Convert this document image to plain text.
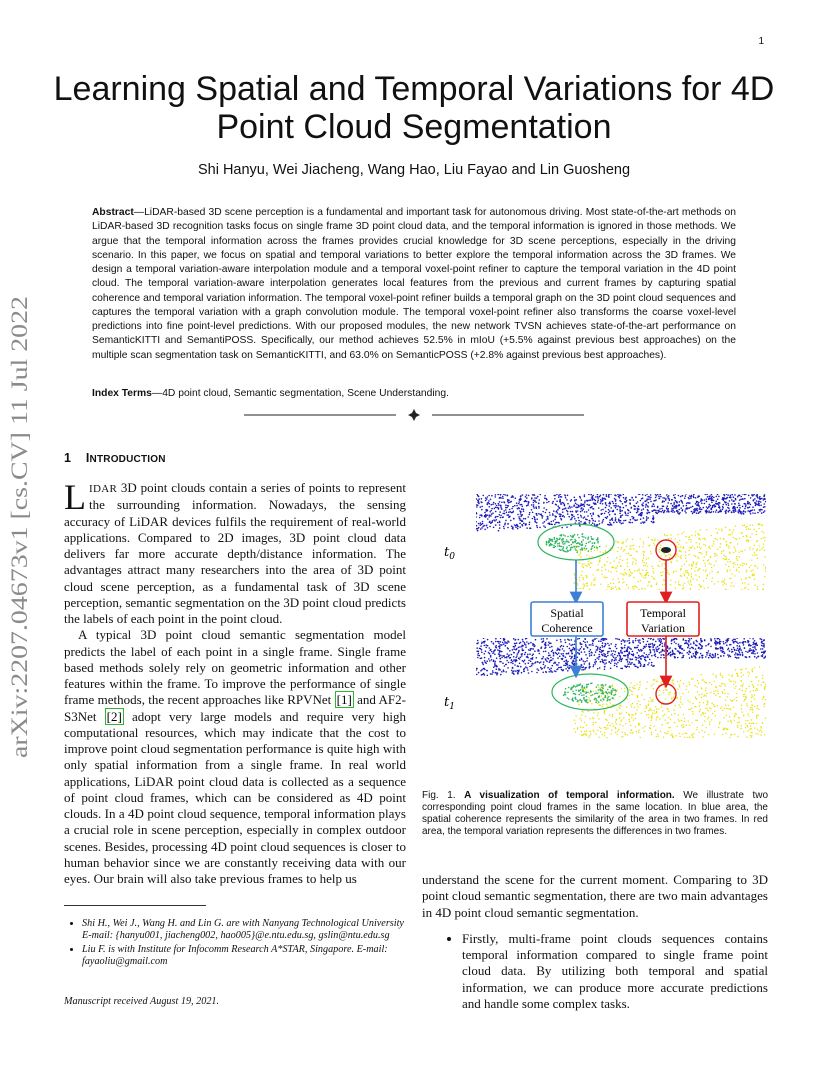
1
arXiv:2207.04673v1 [cs.CV] 11 Jul 2022
Learning Spatial and Temporal Variations for 4D Point Cloud Segmentation
Shi Hanyu, Wei Jiacheng, Wang Hao, Liu Fayao and Lin Guosheng
Abstract—LiDAR-based 3D scene perception is a fundamental and important task for autonomous driving. Most state-of-the-art methods on LiDAR-based 3D recognition tasks focus on single frame 3D point cloud data, and the temporal information is ignored in those methods. We argue that the temporal information across the frames provides crucial knowledge for 3D scene perceptions, especially in the driving scenario. In this paper, we focus on spatial and temporal variations to better explore the temporal information across the 3D frames. We design a temporal variation-aware interpolation module and a temporal voxel-point refiner to capture the temporal variation in the 4D point cloud. The temporal variation-aware interpolation generates local features from the previous and current frames by capturing spatial coherence and temporal variation information. The temporal voxel-point refiner builds a temporal graph on the 3D point cloud sequences and captures the temporal variation with a graph convolution module. The temporal voxel-point refiner also transforms the coarse voxel-level predictions into fine point-level predictions. With our proposed modules, the new network TVSN achieves state-of-the-art performance on SemanticKITTI and SemantiPOSS. Specifically, our method achieves 52.5% in mIoU (+5.5% against previous best approaches) on the multiple scan segmentation task on SemanticKITTI, and 63.0% on SemanticPOSS (+2.8% against previous best approaches).
Index Terms—4D point cloud, Semantic segmentation, Scene Understanding.
1 INTRODUCTION

LIDAR 3D point clouds contain a series of points to represent the surrounding information. Nowadays, the sensing accuracy of LiDAR devices fulfils the requirement of real-world applications. Compared to 2D images, 3D point cloud data delivers far more accurate depth/distance information. The advantages attract many researchers into the area of 3D point cloud scene perception, as a fundamental task of 3D scene perception, semantic segmentation on the 3D point cloud predicts the labels of each point in the point cloud.

A typical 3D point cloud semantic segmentation model predicts the label of each point in a single frame. Single frame based methods solely rely on geometric information and other features within the frame. To improve the performance of single frame methods, the recent approaches like RPVNet [1] and AF2-S3Net [2] adopt very large models and require very high computational resources, which may indicate that the cost to improve point cloud segmentation performance is quite high with only spatial information from a single frame. In real world applications, LiDAR point cloud data is collected as a sequence of point cloud frames, which can be considered as 4D point clouds. In a 4D point cloud sequence, temporal information plays a crucial role in scene perception, especially in complex outdoor scenes. Besides, processing 4D point cloud sequences is closer to human behavior since we are constantly receiving data with our eyes. Our brain will also take previous frames to help us

• Shi H., Wei J., Wang H. and Lin G. are with Nanyang Technological University E-mail: {hanyu001, jiacheng002, hao005}@e.ntu.edu.sg, gslin@ntu.edu.sg
• Liu F. is with Institute for Infocomm Research A*STAR, Singapore. E-mail: fayaoliu@gmail.com
Manuscript received August 19, 2021.
Spatial
Coherence
Temporal
Variation
$t_0$
$t_1$
Fig. 1. A visualization of temporal information. We illustrate two corresponding point cloud frames in the same location. In blue area, the spatial coherence represents the similarity of the area in two frames. In red area, the temporal variation represents the differences in two frames.

understand the scene for the current moment. Comparing to 3D point cloud semantic segmentation, there are two main advantages in 4D point cloud semantic segmentation.

• Firstly, multi-frame point clouds sequences contains temporal information compared to single frame point cloud data. By utilizing both temporal and spatial information, we can produce more accurate predictions and handle some complex tasks.
